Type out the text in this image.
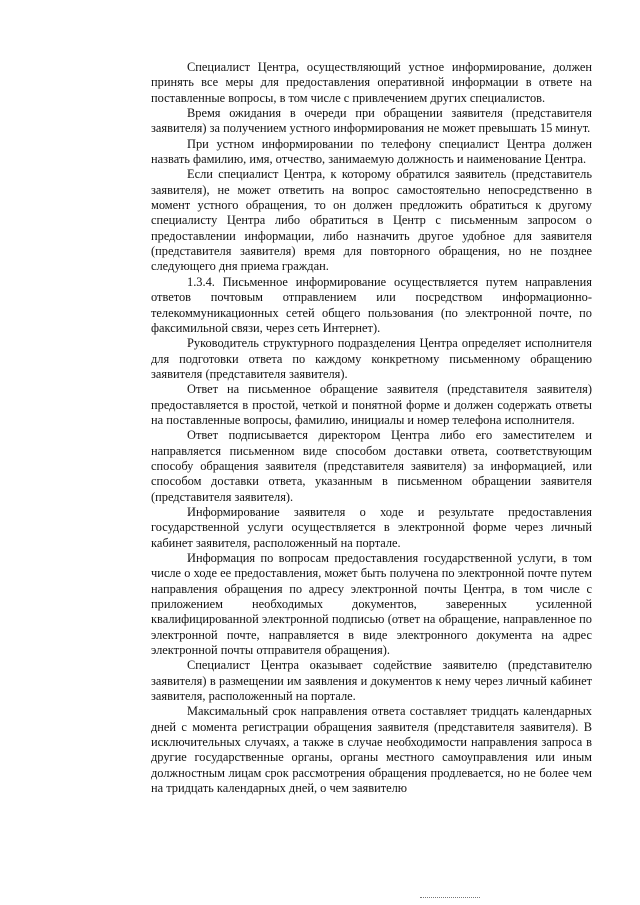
Специалист Центра, осуществляющий устное информирование, должен принять все меры для предоставления оперативной информации в ответе на поставленные вопросы, в том числе с привлечением других специалистов.

Время ожидания в очереди при обращении заявителя (представителя заявителя) за получением устного информирования не может превышать 15 минут.

При устном информировании по телефону специалист Центра должен назвать фамилию, имя, отчество, занимаемую должность и наименование Центра.

Если специалист Центра, к которому обратился заявитель (представитель заявителя), не может ответить на вопрос самостоятельно непосредственно в момент устного обращения, то он должен предложить обратиться к другому специалисту Центра либо обратиться в Центр с письменным запросом о предоставлении информации, либо назначить другое удобное для заявителя (представителя заявителя) время для повторного обращения, но не позднее следующего дня приема граждан.

1.3.4. Письменное информирование осуществляется путем направления ответов почтовым отправлением или посредством информационно-телекоммуникационных сетей общего пользования (по электронной почте, по факсимильной связи, через сеть Интернет).

Руководитель структурного подразделения Центра определяет исполнителя для подготовки ответа по каждому конкретному письменному обращению заявителя (представителя заявителя).

Ответ на письменное обращение заявителя (представителя заявителя) предоставляется в простой, четкой и понятной форме и должен содержать ответы на поставленные вопросы, фамилию, инициалы и номер телефона исполнителя.

Ответ подписывается директором Центра либо его заместителем и направляется письменном виде способом доставки ответа, соответствующим способу обращения заявителя (представителя заявителя) за информацией, или способом доставки ответа, указанным в письменном обращении заявителя (представителя заявителя).

Информирование заявителя о ходе и результате предоставления государственной услуги осуществляется в электронной форме через личный кабинет заявителя, расположенный на портале.

Информация по вопросам предоставления государственной услуги, в том числе о ходе ее предоставления, может быть получена по электронной почте путем направления обращения по адресу электронной почты Центра, в том числе с приложением необходимых документов, заверенных усиленной квалифицированной электронной подписью (ответ на обращение, направленное по электронной почте, направляется в виде электронного документа на адрес электронной почты отправителя обращения).

Специалист Центра оказывает содействие заявителю (представителю заявителя) в размещении им заявления и документов к нему через личный кабинет заявителя, расположенный на портале.

Максимальный срок направления ответа составляет тридцать календарных дней с момента регистрации обращения заявителя (представителя заявителя). В исключительных случаях, а также в случае необходимости направления запроса в другие государственные органы, органы местного самоуправления или иным должностным лицам срок рассмотрения обращения продлевается, но не более чем на тридцать календарных дней, о чем заявителю
